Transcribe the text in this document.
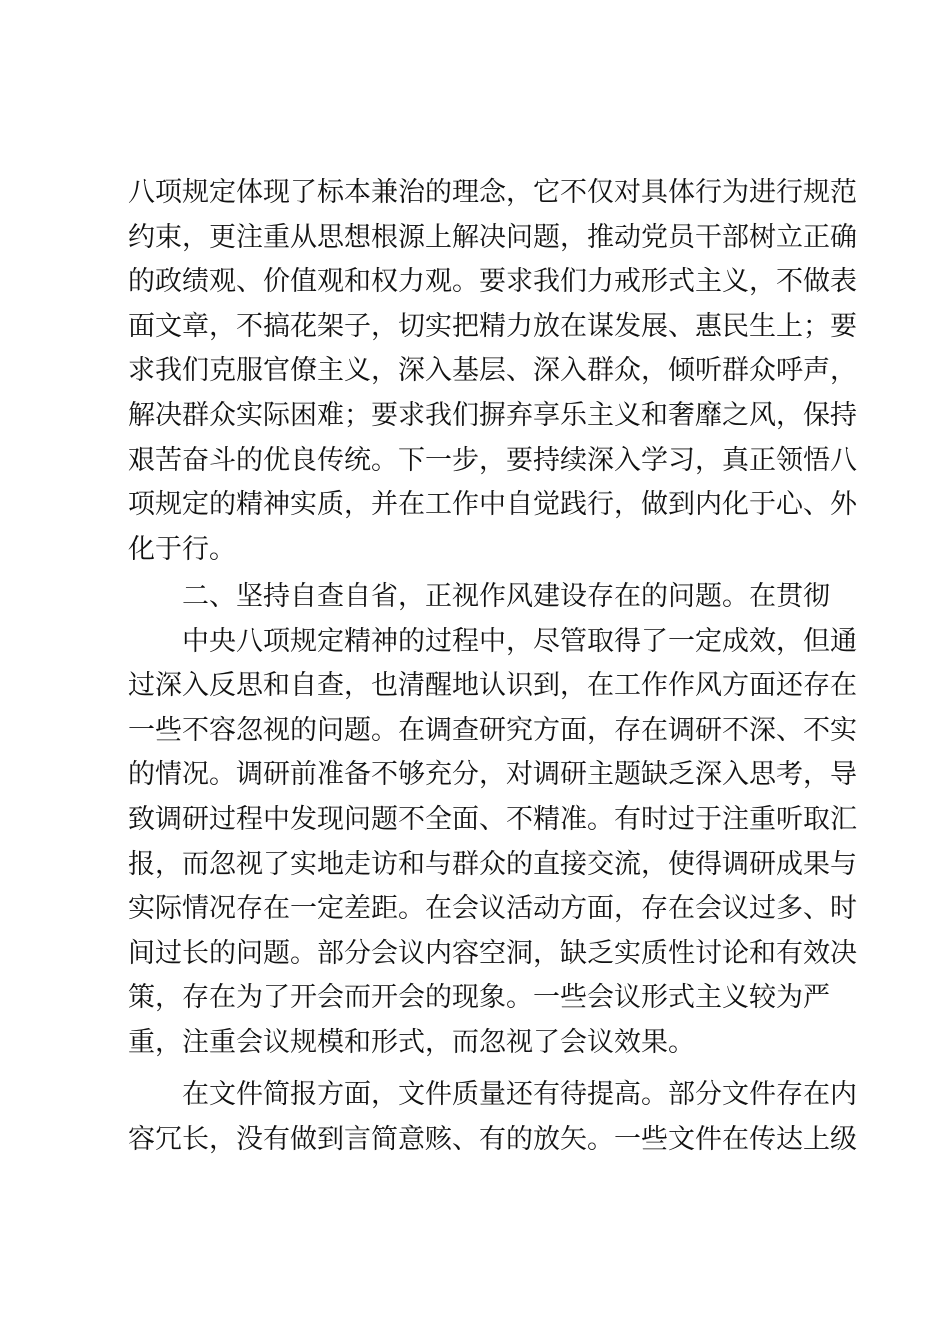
八项规定体现了标本兼治的理念，它不仅对具体行为进行规范
约束，更注重从思想根源上解决问题，推动党员干部树立正确
的政绩观、价值观和权力观。要求我们力戒形式主义，不做表
面文章，不搞花架子，切实把精力放在谋发展、惠民生上；要
求我们克服官僚主义，深入基层、深入群众，倾听群众呼声，
解决群众实际困难；要求我们摒弃享乐主义和奢靡之风，保持
艰苦奋斗的优良传统。下一步，要持续深入学习，真正领悟八
项规定的精神实质，并在工作中自觉践行，做到内化于心、外
化于行。
二、坚持自查自省，正视作风建设存在的问题。在贯彻
中央八项规定精神的过程中，尽管取得了一定成效，但通
过深入反思和自查，也清醒地认识到，在工作作风方面还存在
一些不容忽视的问题。在调查研究方面，存在调研不深、不实
的情况。调研前准备不够充分，对调研主题缺乏深入思考，导
致调研过程中发现问题不全面、不精准。有时过于注重听取汇
报，而忽视了实地走访和与群众的直接交流，使得调研成果与
实际情况存在一定差距。在会议活动方面，存在会议过多、时
间过长的问题。部分会议内容空洞，缺乏实质性讨论和有效决
策，存在为了开会而开会的现象。一些会议形式主义较为严
重，注重会议规模和形式，而忽视了会议效果。
在文件简报方面，文件质量还有待提高。部分文件存在内
容冗长，没有做到言简意赅、有的放矢。一些文件在传达上级
